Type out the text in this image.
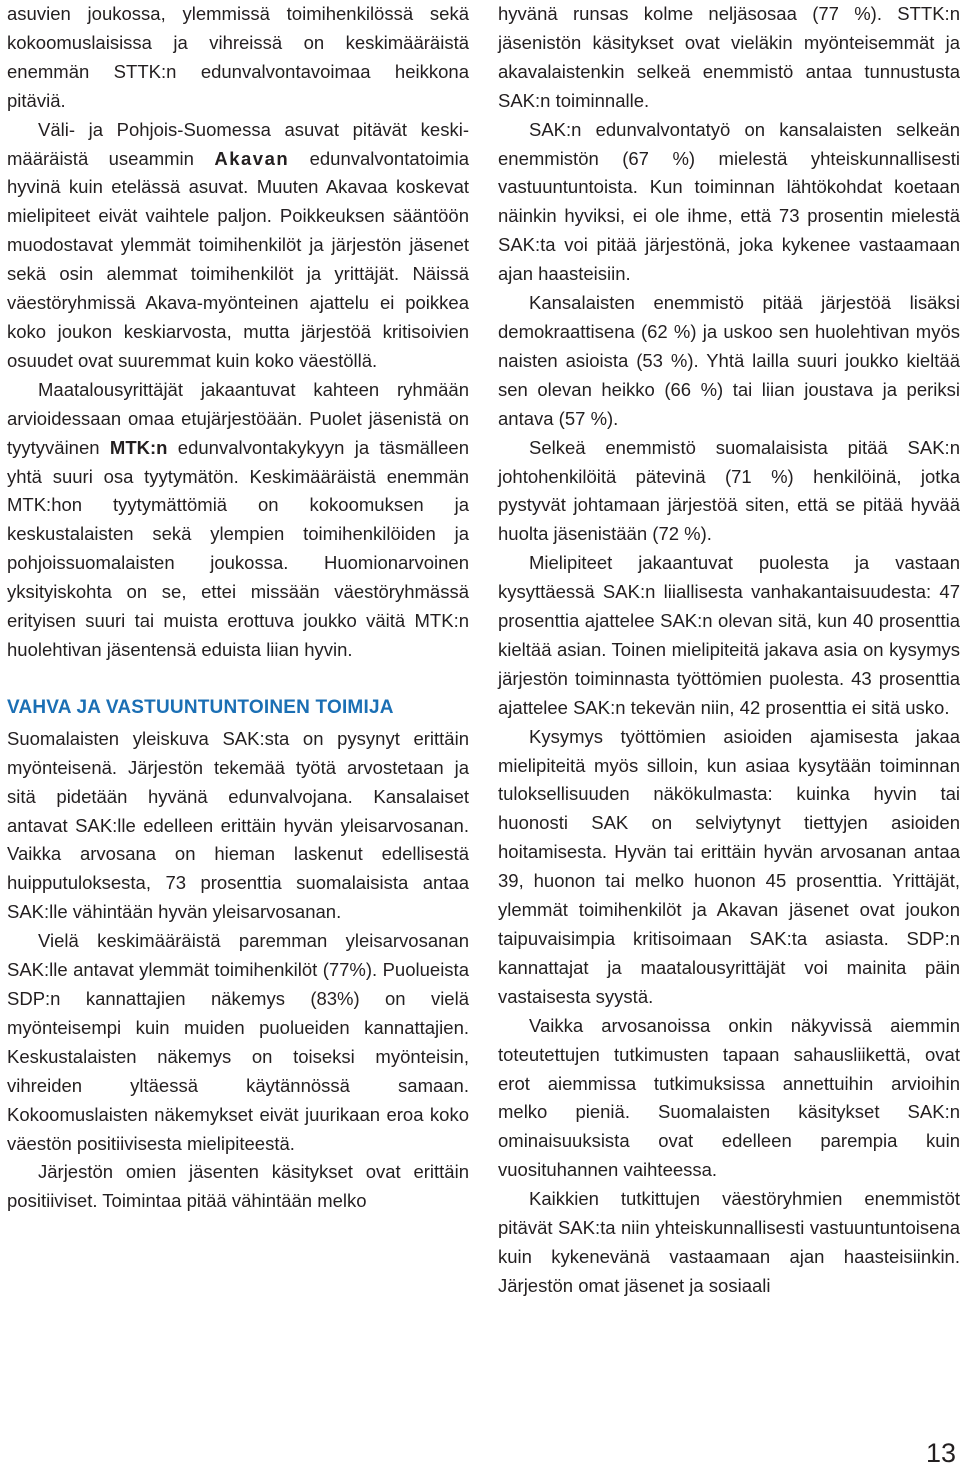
asuvien joukossa, ylemmissä toimihenkilössä sekä kokoomuslaisissa ja vihreissä on keskimääräistä enemmän STTK:n edunvalvontavoimaa heikkona pitäviä.

Väli- ja Pohjois-Suomessa asuvat pitävät keskimääräistä useammin Akavan edunvalvontatoimia hyvinä kuin etelässä asuvat. Muuten Akavaa koskevat mielipiteet eivät vaihtele paljon. Poikkeuksen sääntöön muodostavat ylemmät toimihenkilöt ja järjestön jäsenet sekä osin alemmat toimihenkilöt ja yrittäjät. Näissä väestöryhmissä Akava-myönteinen ajattelu ei poikkea koko joukon keskiarvosta, mutta järjestöä kritisoivien osuudet ovat suuremmat kuin koko väestöllä.

Maatalousyrittäjät jakaantuvat kahteen ryhmään arvioidessaan omaa etujärjestöään. Puolet jäsenistä on tyytyväinen MTK:n edunvalvontakykyyn ja täsmälleen yhtä suuri osa tyytymätön. Keskimääräistä enemmän MTK:hon tyytymättömiä on kokoomuksen ja keskustalaisten sekä ylempien toimihenkilöiden ja pohjoissuomalaisten joukossa. Huomionarvoinen yksityiskohta on se, ettei missään väestöryhmässä erityisen suuri tai muista erottuva joukko väitä MTK:n huolehtivan jäsentensä eduista liian hyvin.

VAHVA JA VASTUUNTUNTOINEN TOIMIJA

Suomalaisten yleiskuva SAK:sta on pysynyt erittäin myönteisenä. Järjestön tekemää työtä arvostetaan ja sitä pidetään hyvänä edunvalvojana. Kansalaiset antavat SAK:lle edelleen erittäin hyvän yleisarvosanan. Vaikka arvosana on hieman laskenut edellisestä huipputuloksesta, 73 prosenttia suomalaisista antaa SAK:lle vähintään hyvän yleisarvosanan.

Vielä keskimääräistä paremman yleisarvosanan SAK:lle antavat ylemmät toimihenkilöt (77%). Puolueista SDP:n kannattajien näkemys (83%) on vielä myönteisempi kuin muiden puolueiden kannattajien. Keskustalaisten näkemys on toiseksi myönteisin, vihreiden yltäessä käytännössä samaan. Kokoomuslaisten näkemykset eivät juurikaan eroa koko väestön positiivisesta mielipiteestä.

Järjestön omien jäsenten käsitykset ovat erittäin positiiviset. Toimintaa pitää vähintään melko

hyvänä runsas kolme neljäsosaa (77 %). STTK:n jäsenistön käsitykset ovat vieläkin myönteisemmät ja akavalaistenkin selkeä enemmistö antaa tunnustusta SAK:n toiminnalle.

SAK:n edunvalvontatyö on kansalaisten selkeän enemmistön (67 %) mielestä yhteiskunnallisesti vastuuntuntoista. Kun toiminnan lähtökohdat koetaan näinkin hyviksi, ei ole ihme, että 73 prosentin mielestä SAK:ta voi pitää järjestönä, joka kykenee vastaamaan ajan haasteisiin.

Kansalaisten enemmistö pitää järjestöä lisäksi demokraattisena (62 %) ja uskoo sen huolehtivan myös naisten asioista (53 %). Yhtä lailla suuri joukko kieltää sen olevan heikko (66 %) tai liian joustava ja periksi antava (57 %).

Selkeä enemmistö suomalaisista pitää SAK:n johtohenkilöitä pätevinä (71 %) henkilöinä, jotka pystyvät johtamaan järjestöä siten, että se pitää hyvää huolta jäsenistään (72 %).

Mielipiteet jakaantuvat puolesta ja vastaan kysyttäessä SAK:n liiallisesta vanhakantaisuudesta: 47 prosenttia ajattelee SAK:n olevan sitä, kun 40 prosenttia kieltää asian. Toinen mielipiteitä jakava asia on kysymys järjestön toiminnasta työttömien puolesta. 43 prosenttia ajattelee SAK:n tekevän niin, 42 prosenttia ei sitä usko.

Kysymys työttömien asioiden ajamisesta jakaa mielipiteitä myös silloin, kun asiaa kysytään toiminnan tuloksellisuuden näkökulmasta: kuinka hyvin tai huonosti SAK on selviytynyt tiettyjen asioiden hoitamisesta. Hyvän tai erittäin hyvän arvosanan antaa 39, huonon tai melko huonon 45 prosenttia. Yrittäjät, ylemmät toimihenkilöt ja Akavan jäsenet ovat joukon taipuvaisimpia kritisoimaan SAK:ta asiasta. SDP:n kannattajat ja maatalousyrittäjät voi mainita päin vastaisesta syystä.

Vaikka arvosanoissa onkin näkyvissä aiemmin toteutettujen tutkimusten tapaan sahausliikettä, ovat erot aiemmissa tutkimuksissa annettuihin arvioihin melko pieniä. Suomalaisten käsitykset SAK:n ominaisuuksista ovat edelleen parempia kuin vuosituhannen vaihteessa.

Kaikkien tutkittujen väestöryhmien enemmistöt pitävät SAK:ta niin yhteiskunnallisesti vastuuntuntoisena kuin kykenevänä vastaamaan ajan haasteisiinkin. Järjestön omat jäsenet ja sosiaali

13
